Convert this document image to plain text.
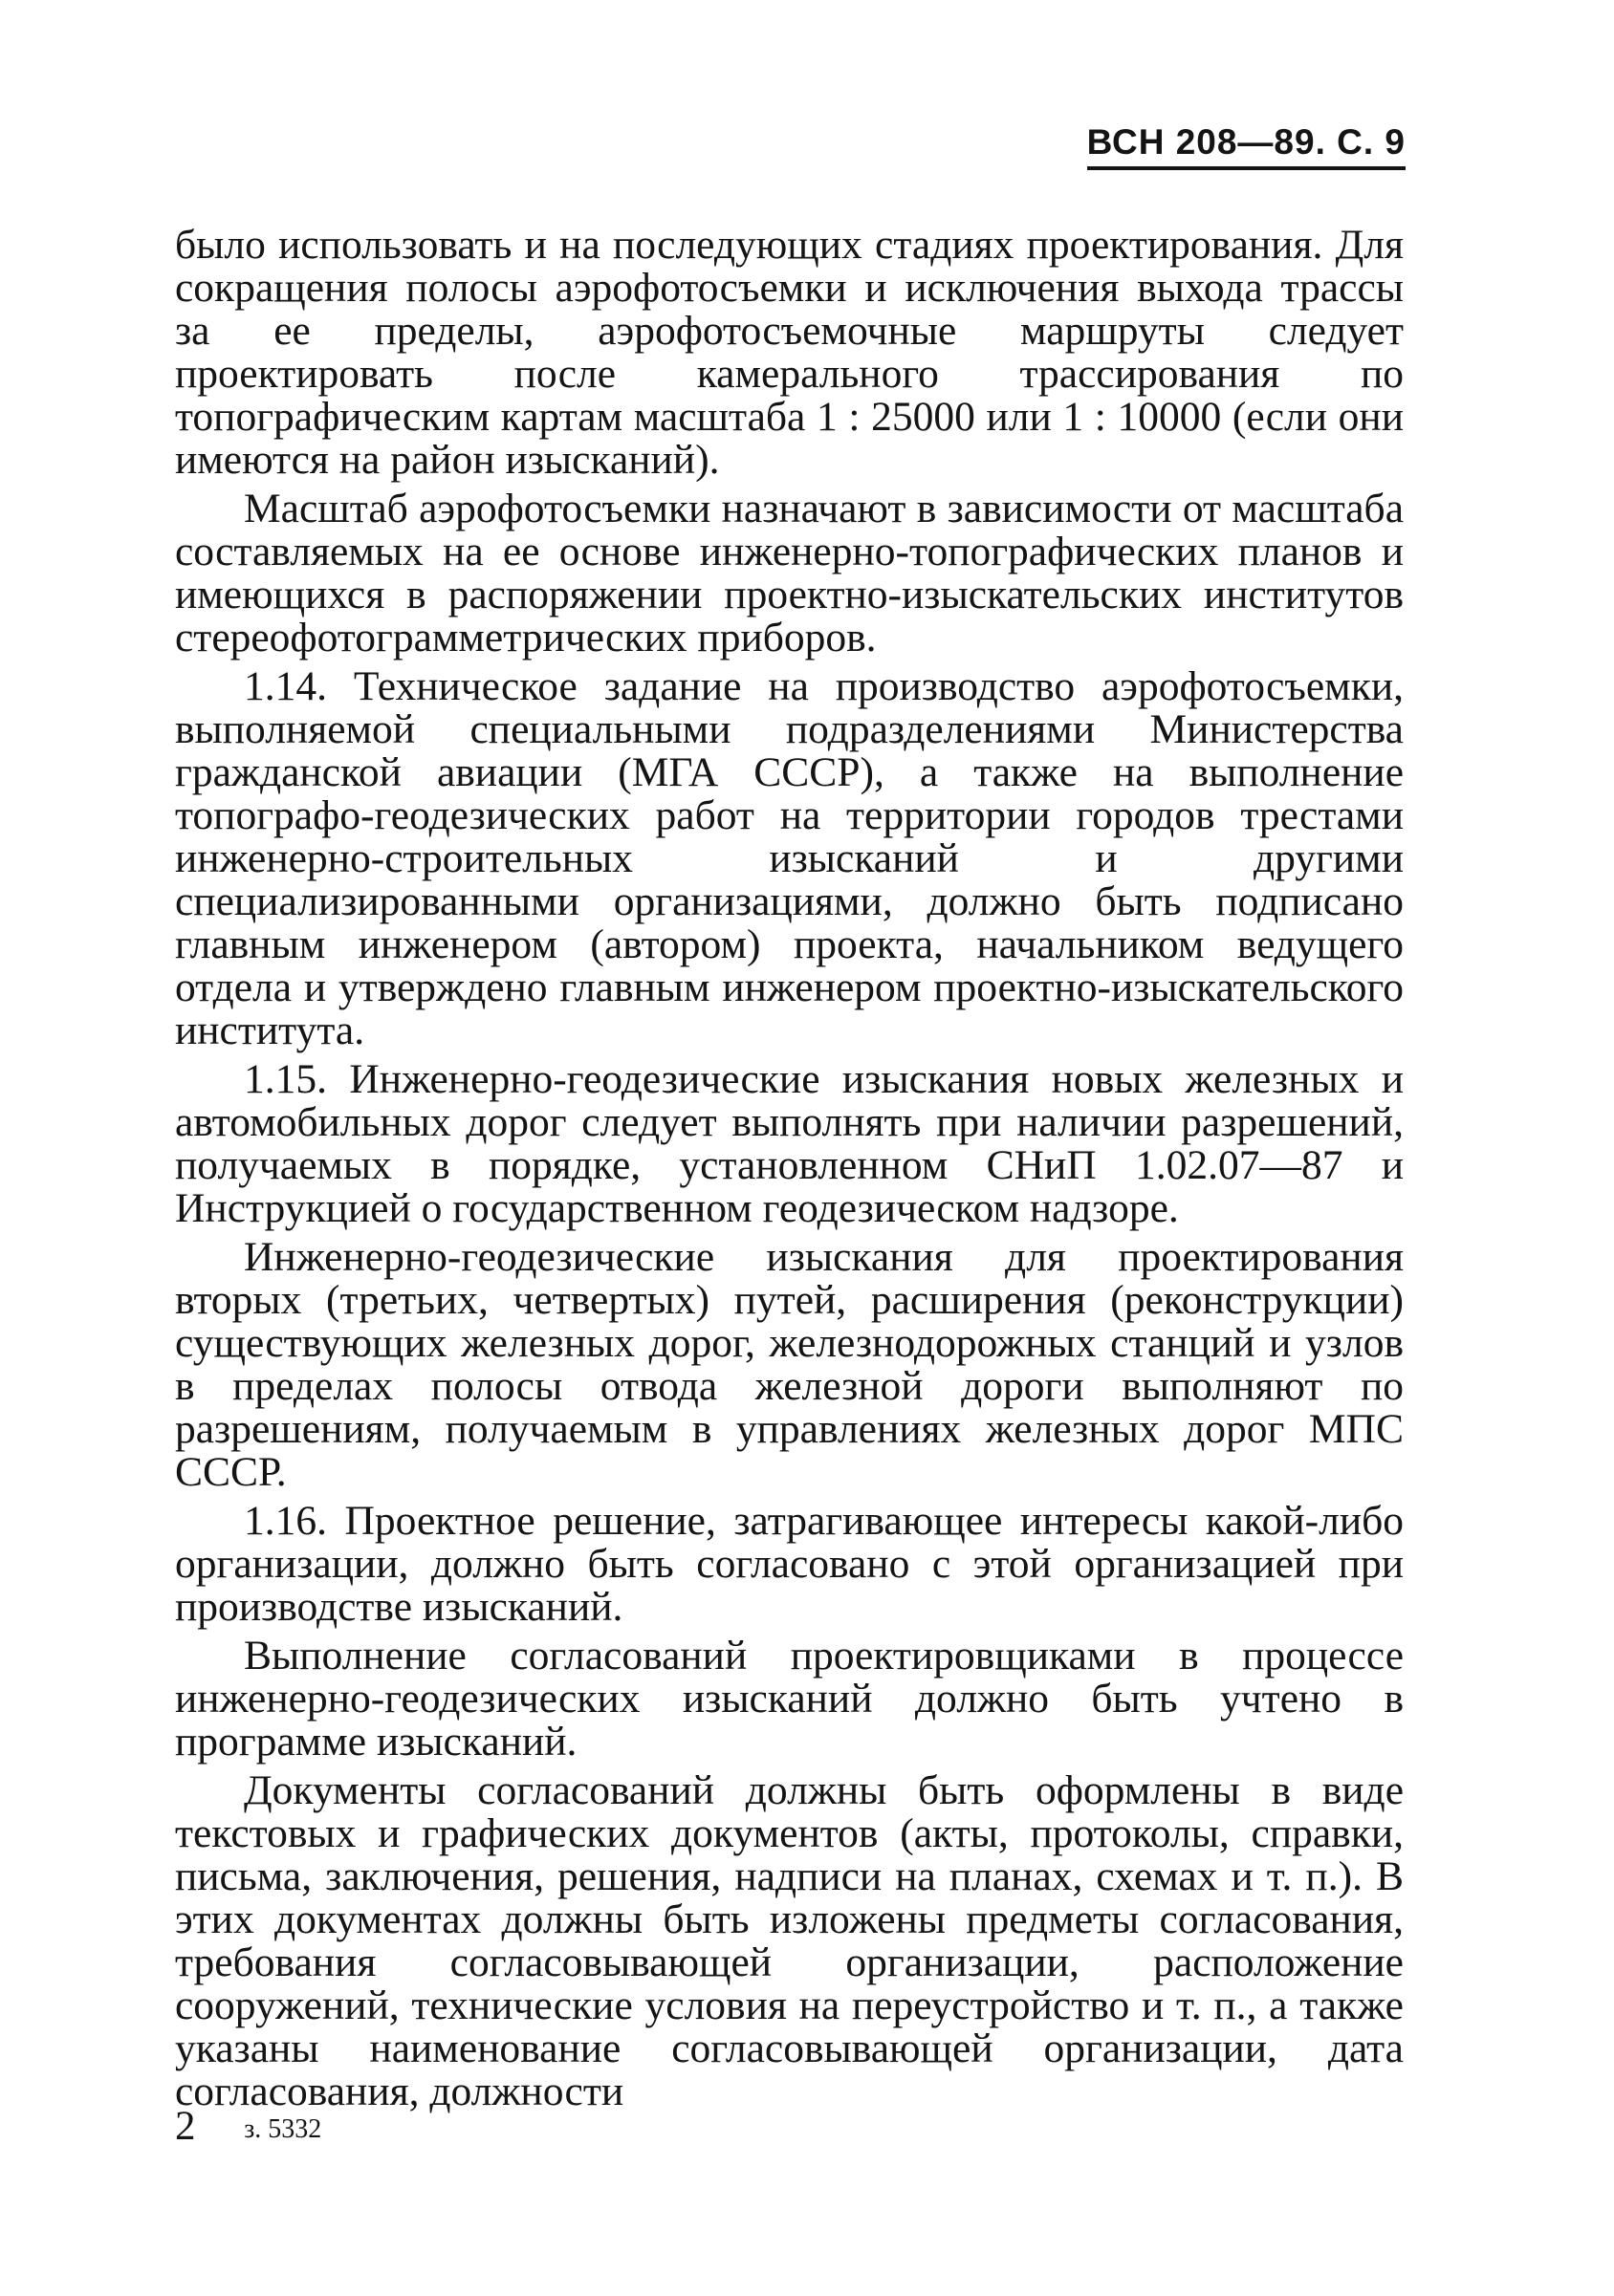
ВСН 208—89. С. 9

было использовать и на последующих стадиях проектирования. Для сокращения полосы аэрофотосъемки и исключения выхода трассы за ее пределы, аэрофотосъемочные маршруты следует проектировать после камерального трассирования по топографическим картам масштаба 1 : 25000 или 1 : 10000 (если они имеются на район изысканий).

Масштаб аэрофотосъемки назначают в зависимости от масштаба составляемых на ее основе инженерно-топографических планов и имеющихся в распоряжении проектно-изыскательских институтов стереофотограмметрических приборов.

1.14. Техническое задание на производство аэрофотосъемки, выполняемой специальными подразделениями Министерства гражданской авиации (МГА СССР), а также на выполнение топографо-геодезических работ на территории городов трестами инженерно-строительных изысканий и другими специализированными организациями, должно быть подписано главным инженером (автором) проекта, начальником ведущего отдела и утверждено главным инженером проектно-изыскательского института.

1.15. Инженерно-геодезические изыскания новых железных и автомобильных дорог следует выполнять при наличии разрешений, получаемых в порядке, установленном СНиП 1.02.07—87 и Инструкцией о государственном геодезическом надзоре.

Инженерно-геодезические изыскания для проектирования вторых (третьих, четвертых) путей, расширения (реконструкции) существующих железных дорог, железнодорожных станций и узлов в пределах полосы отвода железной дороги выполняют по разрешениям, получаемым в управлениях железных дорог МПС СССР.

1.16. Проектное решение, затрагивающее интересы какой-либо организации, должно быть согласовано с этой организацией при производстве изысканий.

Выполнение согласований проектировщиками в процессе инженерно-геодезических изысканий должно быть учтено в программе изысканий.

Документы согласований должны быть оформлены в виде текстовых и графических документов (акты, протоколы, справки, письма, заключения, решения, надписи на планах, схемах и т. п.). В этих документах должны быть изложены предметы согласования, требования согласовывающей организации, расположение сооружений, технические условия на переустройство и т. п., а также указаны наименование согласовывающей организации, дата согласования, должности

2 з. 5332
